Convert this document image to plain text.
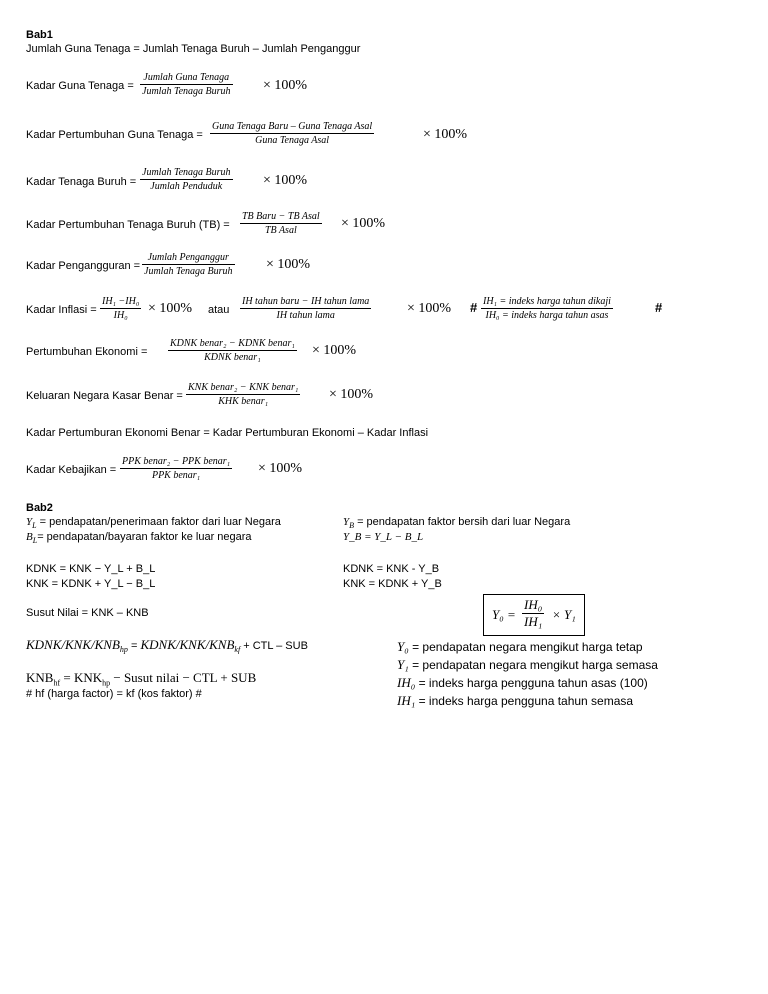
Bab1
Jumlah Guna Tenaga = Jumlah Tenaga Buruh – Jumlah Penganggur
Kadar Guna Tenaga =
Jumlah Guna Tenaga
Jumlah Tenaga Buruh × 100%
Kadar Pertumbuhan Guna Tenaga =
Guna Tenaga Baru – Guna Tenaga Asal
Guna Tenaga Asal	× 100%
Kadar Tenaga Buruh =
Jumlah Tenaga Buruh
Jumlah Penduduk	× 100%
Kadar Pertumbuhan Tenaga Buruh (TB) =
TB Baru − TB Asal
TB Asal	× 100%
Kadar Pengangguran =
Jumlah Penganggur
Jumlah Tenaga Buruh × 100%
Kadar Inflasi = $\frac{\text{IH₁ −IH₀}}{\text{IH₀}} \times 100\%$ atau
IH tahun baru − IH tahun lama
IH tahun lama	× 100% # IH₁ = indeks harga tahun dikaji
IH₀ = indeks harga tahun asas
#
Pertumbuhan Ekonomi =
KDNK benar₂ − KDNK benar₁
KDNK benar₁	× 100%
Keluaran Negara Kasar Benar =
KNK benar₂ − KNK benar₁
KHK benar₁	× 100%
Kadar Pertumburan Ekonomi Benar = Kadar Pertumburan Ekonomi – Kadar Inflasi
Kadar Kebajikan =
PPK benar₂ − PPK benar₁
PPK benar₁	× 100%
Bab2
$Y_L$ = pendapatan/penerimaan faktor dari luar Negara
$B_L=$ pendapatan/bayaran faktor ke luar negara
$Y_B$ = pendapatan faktor bersih dari luar Negara
Y_B = Y_L − B_L
KDNK = KNK − Y_L + B_L
KNK = KDNK + Y_L − B_L
KDNK = KNK - Y_B
KNK = KDNK + Y_B
Susut Nilai = KNK – KNB	$Y_0 = \frac{\text{IH₀}}{\text{IH₁}} \times Y_1$
KDNK/$KNK/KNB_{hp}$ = KDNK/$KNK/KNB_{kf}$ + CTL – SUB
$KNB_{hf} = KNK_{hp}$ − Susut nilai − CTL + SUB
# hf (harga factor) = kf (kos faktor) #
Y₀ = pendapatan negara mengikut harga tetap
Y₁ = pendapatan negara mengikut harga semasa
IH₀ = indeks harga pengguna tahun asas (100)
IH₁ = indeks harga pengguna tahun semasa
